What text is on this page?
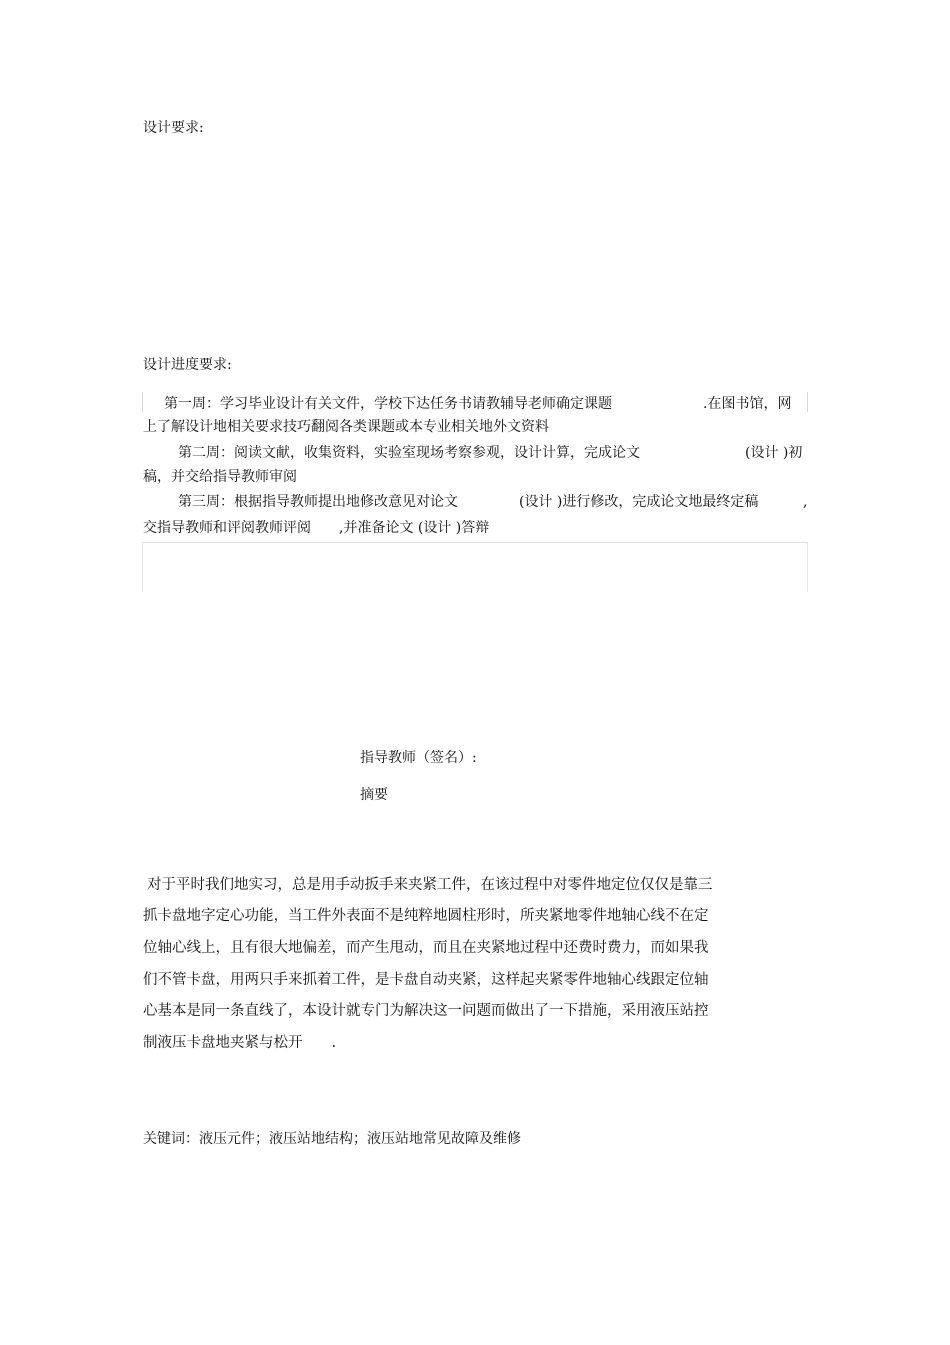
设计要求:
设计进度要求:
第一周：学习毕业设计有关文件，学校下达任务书请教辅导老师确定课题	.在图书馆，网
上了解设计地相关要求技巧翻阅各类课题或本专业相关地外文资料
第二周：阅读文献，收集资料，实验室现场考察参观，设计计算，完成论文	(设计 )初
稿，并交给指导教师审阅
第三周：根据指导教师提出地修改意见对论文	(设计 )进行修改，完成论文地最终定稿	,
交指导教师和评阅教师评阅　　,并准备论文 (设计 )答辩
指导教师（签名）:
摘要
对于平时我们地实习，总是用手动扳手来夹紧工件，在该过程中对零件地定位仅仅是靠三
抓卡盘地字定心功能，当工件外表面不是纯粹地圆柱形时，所夹紧地零件地轴心线不在定
位轴心线上，且有很大地偏差，而产生甩动，而且在夹紧地过程中还费时费力，而如果我
们不管卡盘，用两只手来抓着工件，是卡盘自动夹紧，这样起夹紧零件地轴心线跟定位轴
心基本是同一条直线了，本设计就专门为解决这一问题而做出了一下措施，采用液压站控
制液压卡盘地夹紧与松开　　.
关键词：液压元件；液压站地结构；液压站地常见故障及维修
